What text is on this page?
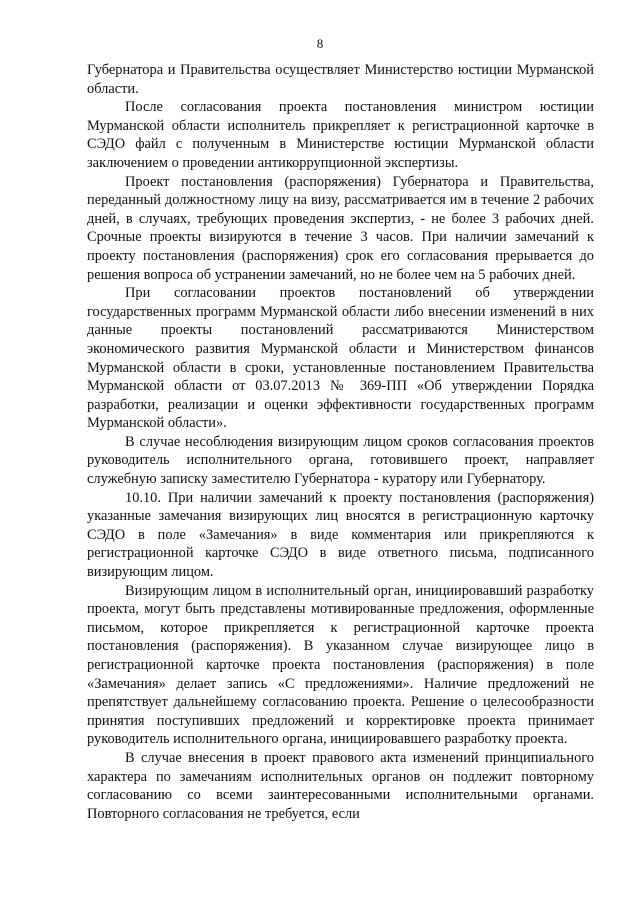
8

Губернатора и Правительства осуществляет Министерство юстиции Мурманской области.

После согласования проекта постановления министром юстиции Мурманской области исполнитель прикрепляет к регистрационной карточке в СЭДО файл с полученным в Министерстве юстиции Мурманской области заключением о проведении антикоррупционной экспертизы.

Проект постановления (распоряжения) Губернатора и Правительства, переданный должностному лицу на визу, рассматривается им в течение 2 рабочих дней, в случаях, требующих проведения экспертиз, - не более 3 рабочих дней. Срочные проекты визируются в течение 3 часов. При наличии замечаний к проекту постановления (распоряжения) срок его согласования прерывается до решения вопроса об устранении замечаний, но не более чем на 5 рабочих дней.

При согласовании проектов постановлений об утверждении государственных программ Мурманской области либо внесении изменений в них данные проекты постановлений рассматриваются Министерством экономического развития Мурманской области и Министерством финансов Мурманской области в сроки, установленные постановлением Правительства Мурманской области от 03.07.2013 № 369-ПП «Об утверждении Порядка разработки, реализации и оценки эффективности государственных программ Мурманской области».

В случае несоблюдения визирующим лицом сроков согласования проектов руководитель исполнительного органа, готовившего проект, направляет служебную записку заместителю Губернатора - куратору или Губернатору.

10.10. При наличии замечаний к проекту постановления (распоряжения) указанные замечания визирующих лиц вносятся в регистрационную карточку СЭДО в поле «Замечания» в виде комментария или прикрепляются к регистрационной карточке СЭДО в виде ответного письма, подписанного визирующим лицом.

Визирующим лицом в исполнительный орган, инициировавший разработку проекта, могут быть представлены мотивированные предложения, оформленные письмом, которое прикрепляется к регистрационной карточке проекта постановления (распоряжения). В указанном случае визирующее лицо в регистрационной карточке проекта постановления (распоряжения) в поле «Замечания» делает запись «С предложениями». Наличие предложений не препятствует дальнейшему согласованию проекта. Решение о целесообразности принятия поступивших предложений и корректировке проекта принимает руководитель исполнительного органа, инициировавшего разработку проекта.

В случае внесения в проект правового акта изменений принципиального характера по замечаниям исполнительных органов он подлежит повторному согласованию со всеми заинтересованными исполнительными органами. Повторного согласования не требуется, если
